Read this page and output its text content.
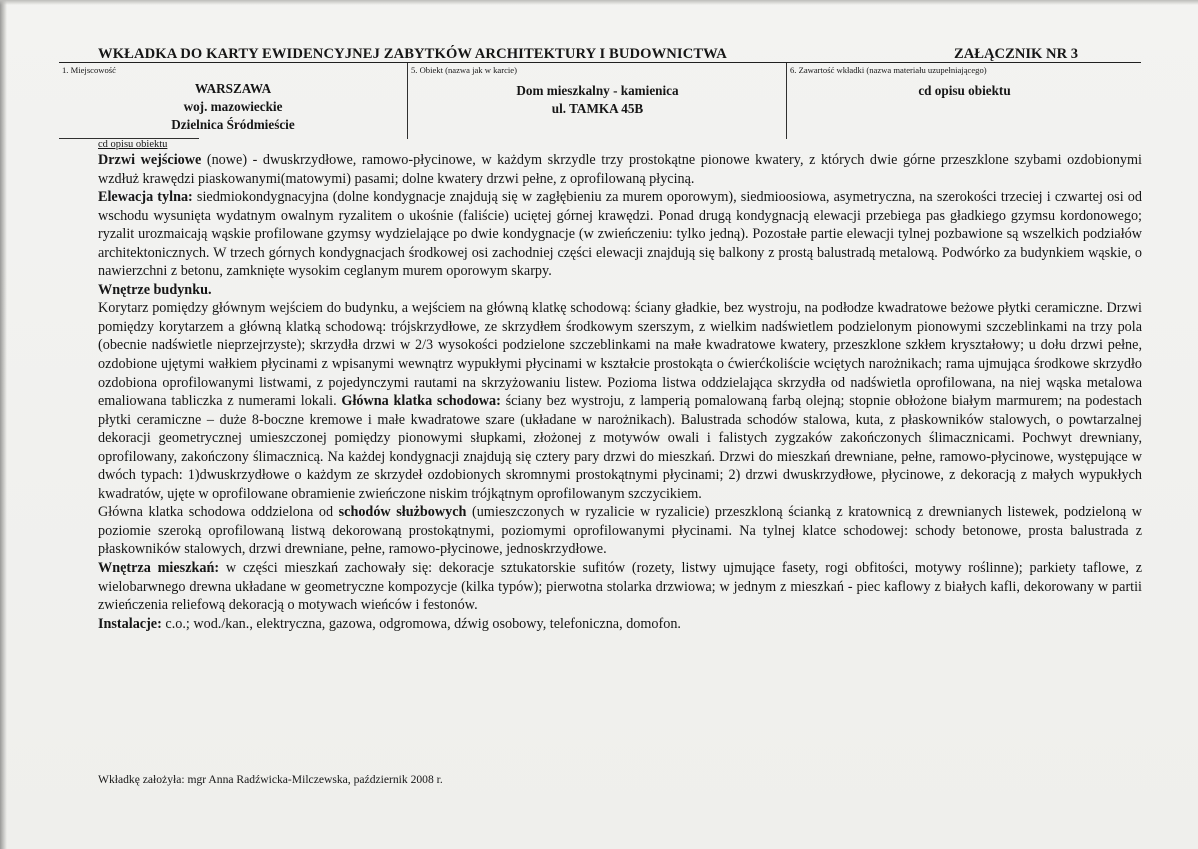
WKŁADKA DO KARTY EWIDENCYJNEJ ZABYTKÓW ARCHITEKTURY I BUDOWNICTWA	ZAŁĄCZNIK NR 3
1. Miejscowość
WARSZAWA
woj. mazowieckie
Dzielnica Śródmieście
5. Obiekt (nazwa jak w karcie)
Dom mieszkalny - kamienica
ul. TAMKA 45B
6. Zawartość wkładki (nazwa materiału uzupełniającego)
cd opisu obiektu
cd opisu obiektu

Drzwi wejściowe (nowe) - dwuskrzydłowe, ramowo-płycinowe, w każdym skrzydle trzy prostokątne pionowe kwatery, z których dwie górne przeszklone szybami ozdobionymi wzdłuż krawędzi piaskowanymi(matowymi) pasami; dolne kwatery drzwi pełne, z oprofilowaną płyciną.

Elewacja tylna: siedmiokondygnacyjna (dolne kondygnacje znajdują się w zagłębieniu za murem oporowym), siedmioosiowa, asymetryczna, na szerokości trzeciej i czwartej osi od wschodu wysunięta wydatnym owalnym ryzalitem o ukośnie (faliście) uciętej górnej krawędzi. Ponad drugą kondygnacją elewacji przebiega pas gładkiego gzymsu kordonowego; ryzalit urozmaicają wąskie profilowane gzymsy wydzielające po dwie kondygnacje (w zwieńczeniu: tylko jedną). Pozostałe partie elewacji tylnej pozbawione są wszelkich podziałów architektonicznych. W trzech górnych kondygnacjach środkowej osi zachodniej części elewacji znajdują się balkony z prostą balustradą metalową. Podwórko za budynkiem wąskie, o nawierzchni z betonu, zamknięte wysokim ceglanym murem oporowym skarpy.

Wnętrze budynku.

Korytarz pomiędzy głównym wejściem do budynku, a wejściem na główną klatkę schodową: ściany gładkie, bez wystroju, na podłodze kwadratowe beżowe płytki ceramiczne. Drzwi pomiędzy korytarzem a główną klatką schodową: trójskrzydłowe, ze skrzydłem środkowym szerszym, z wielkim nadświetlem podzielonym pionowymi szczeblinkami na trzy pola (obecnie nadświetle nieprzejrzyste); skrzydła drzwi w 2/3 wysokości podzielone szczeblinkami na małe kwadratowe kwatery, przeszklone szkłem kryształowy; u dołu drzwi pełne, ozdobione ujętymi wałkiem płycinami z wpisanymi wewnątrz wypukłymi płycinami w kształcie prostokąta o ćwierćkoliście wciętych narożnikach; rama ujmująca środkowe skrzydło ozdobiona oprofilowanymi listwami, z pojedynczymi rautami na skrzyżowaniu listew. Pozioma listwa oddzielająca skrzydła od nadświetla oprofilowana, na niej wąska metalowa emaliowana tabliczka z numerami lokali. Główna klatka schodowa: ściany bez wystroju, z lamperią pomalowaną farbą olejną; stopnie obłożone białym marmurem; na podestach płytki ceramiczne – duże 8-boczne kremowe i małe kwadratowe szare (układane w narożnikach). Balustrada schodów stalowa, kuta, z płaskowników stalowych, o powtarzalnej dekoracji geometrycznej umieszczonej pomiędzy pionowymi słupkami, złożonej z motywów owali i falistych zygzaków zakończonych ślimacznicami. Pochwyt drewniany, oprofilowany, zakończony ślimacznicą. Na każdej kondygnacji znajdują się cztery pary drzwi do mieszkań. Drzwi do mieszkań drewniane, pełne, ramowo-płycinowe, występujące w dwóch typach: 1)dwuskrzydłowe o każdym ze skrzydeł ozdobionych skromnymi prostokątnymi płycinami; 2) drzwi dwuskrzydłowe, płycinowe, z dekoracją z małych wypukłych kwadratów, ujęte w oprofilowane obramienie zwieńczone niskim trójkątnym oprofilowanym szczycikiem.

Główna klatka schodowa oddzielona od schodów służbowych (umieszczonych w ryzalicie w ryzalicie) przeszkloną ścianką z kratownicą z drewnianych listewek, podzieloną w poziomie szeroką oprofilowaną listwą dekorowaną prostokątnymi, poziomymi oprofilowanymi płycinami. Na tylnej klatce schodowej: schody betonowe, prosta balustrada z płaskowników stalowych, drzwi drewniane, pełne, ramowo-płycinowe, jednoskrzydłowe.

Wnętrza mieszkań: w części mieszkań zachowały się: dekoracje sztukatorskie sufitów (rozety, listwy ujmujące fasety, rogi obfitości, motywy roślinne); parkiety taflowe, z wielobarwnego drewna układane w geometryczne kompozycje (kilka typów); pierwotna stolarka drzwiowa; w jednym z mieszkań - piec kaflowy z białych kafli, dekorowany w partii zwieńczenia reliefową dekoracją o motywach wieńców i festonów.

Instalacje: c.o.; wod./kan., elektryczna, gazowa, odgromowa, dźwig osobowy, telefoniczna, domofon.

Wkładkę założyła: mgr Anna Radźwicka-Milczewska, październik 2008 r.
